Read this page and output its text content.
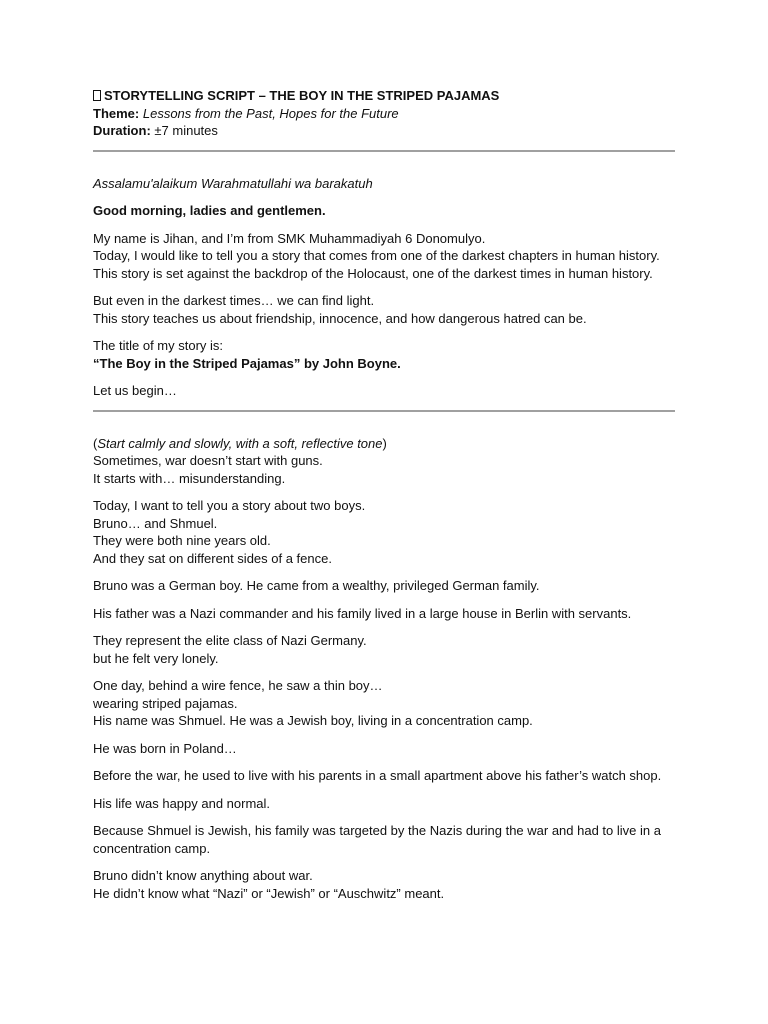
STORYTELLING SCRIPT – THE BOY IN THE STRIPED PAJAMAS
Theme: Lessons from the Past, Hopes for the Future
Duration: ±7 minutes
Assalamu'alaikum Warahmatullahi wa barakatuh
Good morning, ladies and gentlemen.
My name is Jihan, and I’m from SMK Muhammadiyah 6 Donomulyo.
Today, I would like to tell you a story that comes from one of the darkest chapters in human history.
This story is set against the backdrop of the Holocaust, one of the darkest times in human history.
But even in the darkest times… we can find light.
This story teaches us about friendship, innocence, and how dangerous hatred can be.
The title of my story is:
“The Boy in the Striped Pajamas” by John Boyne.
Let us begin…
(Start calmly and slowly, with a soft, reflective tone)
Sometimes, war doesn’t start with guns.
It starts with… misunderstanding.
Today, I want to tell you a story about two boys.
Bruno… and Shmuel.
They were both nine years old.
And they sat on different sides of a fence.
Bruno was a German boy. He came from a wealthy, privileged German family.
His father was a Nazi commander and his family lived in a large house in Berlin with servants.
They represent the elite class of Nazi Germany.
but he felt very lonely.
One day, behind a wire fence, he saw a thin boy…
wearing striped pajamas.
His name was Shmuel. He was a Jewish boy, living in a concentration camp.
He was born in Poland…
Before the war, he used to live with his parents in a small apartment above his father’s watch shop.
His life was happy and normal.
Because Shmuel is Jewish, his family was targeted by the Nazis during the war and had to live in a concentration camp.
Bruno didn’t know anything about war.
He didn’t know what “Nazi” or “Jewish” or “Auschwitz” meant.
